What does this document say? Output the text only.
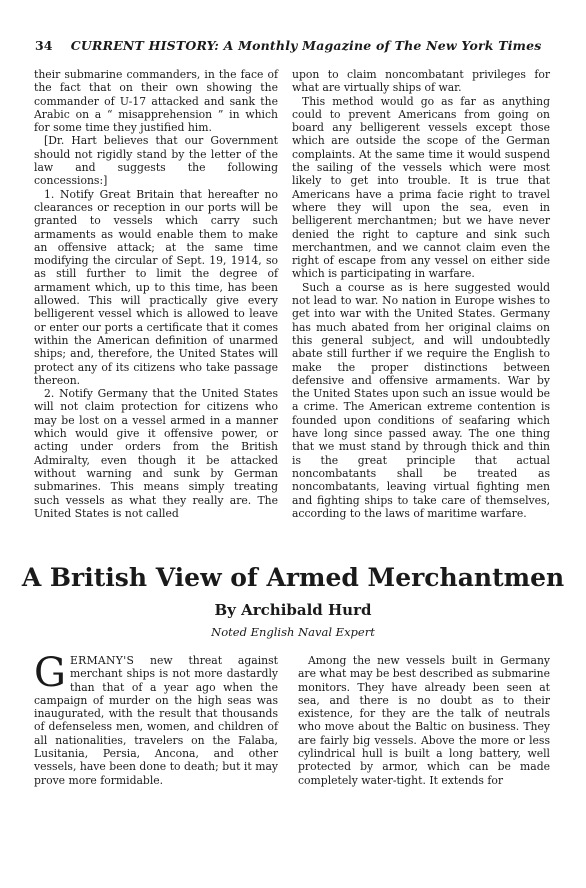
34 CURRENT HISTORY: A Monthly Magazine of The New York Times

their submarine commanders, in the face of the fact that on their own showing the commander of U-17 attacked and sank the Arabic on a “ misapprehension ” in which for some time they justified him.

[Dr. Hart believes that our Government should not rigidly stand by the letter of the law and suggests the following concessions:]

1. Notify Great Britain that hereafter no clearances or reception in our ports will be granted to vessels which carry such armaments as would enable them to make an offensive attack; at the same time modifying the circular of Sept. 19, 1914, so as still further to limit the degree of armament which, up to this time, has been allowed. This will practically give every belligerent vessel which is allowed to leave or enter our ports a certificate that it comes within the American definition of unarmed ships; and, therefore, the United States will protect any of its citizens who take passage thereon.

2. Notify Germany that the United States will not claim protection for citizens who may be lost on a vessel armed in a manner which would give it offensive power, or acting under orders from the British Admiralty, even though it be attacked without warning and sunk by German submarines. This means simply treating such vessels as what they really are. The United States is not called

upon to claim noncombatant privileges for what are virtually ships of war.

This method would go as far as anything could to prevent Americans from going on board any belligerent vessels except those which are outside the scope of the German complaints. At the same time it would suspend the sailing of the vessels which were most likely to get into trouble. It is true that Americans have a prima facie right to travel where they will upon the sea, even in belligerent merchantmen; but we have never denied the right to capture and sink such merchantmen, and we cannot claim even the right of escape from any vessel on either side which is participating in warfare.

Such a course as is here suggested would not lead to war. No nation in Europe wishes to get into war with the United States. Germany has much abated from her original claims on this general subject, and will undoubtedly abate still further if we require the English to make the proper distinctions between defensive and offensive armaments. War by the United States upon such an issue would be a crime. The American extreme contention is founded upon conditions of seafaring which have long since passed away. The one thing that we must stand by through thick and thin is the great principle that actual noncombatants shall be treated as noncombatants, leaving virtual fighting men and fighting ships to take care of themselves, according to the laws of maritime warfare.

A British View of Armed Merchantmen
By Archibald Hurd
Noted English Naval Expert

GERMANY'S new threat against merchant ships is not more dastardly than that of a year ago when the campaign of murder on the high seas was inaugurated, with the result that thousands of defenseless men, women, and children of all nationalities, travelers on the Falaba, Lusitania, Persia, Ancona, and other vessels, have been done to death; but it may prove more formidable.

Among the new vessels built in Germany are what may be best described as submarine monitors. They have already been seen at sea, and there is no doubt as to their existence, for they are the talk of neutrals who move about the Baltic on business. They are fairly big vessels. Above the more or less cylindrical hull is built a long battery, well protected by armor, which can be made completely water-tight. It extends for
